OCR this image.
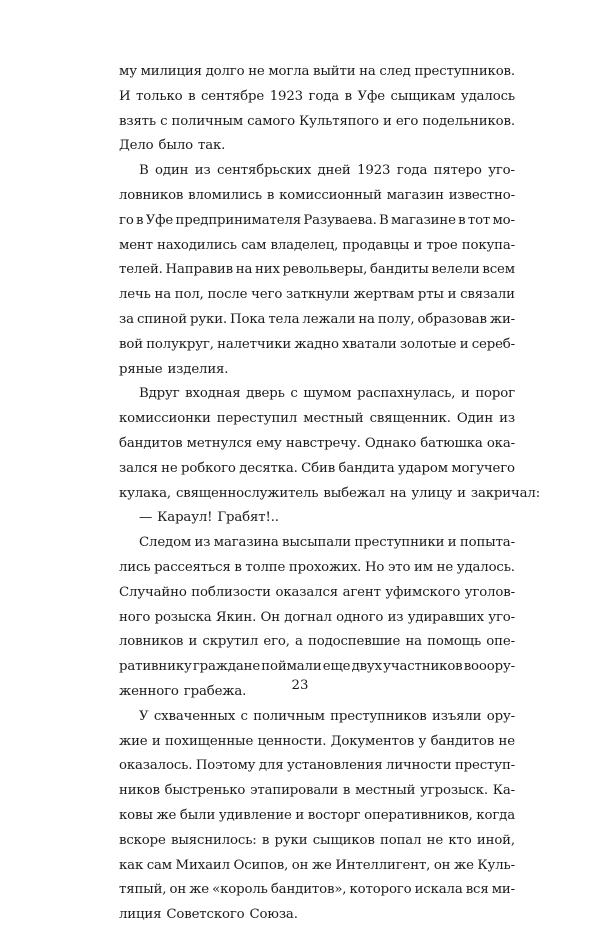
му милиция долго не могла выйти на след преступников.
И только в сентябре 1923 года в Уфе сыщикам удалось
взять с поличным самого Культяпого и его подельников.
Дело было так.
В один из сентябрьских дней 1923 года пятеро уго-
ловников вломились в комиссионный магазин известно-
го в Уфе предпринимателя Разуваева. В магазине в тот мо-
мент находились сам владелец, продавцы и трое покупа-
телей. Направив на них револьверы, бандиты велели всем
лечь на пол, после чего заткнули жертвам рты и связали
за спиной руки. Пока тела лежали на полу, образовав жи-
вой полукруг, налетчики жадно хватали золотые и сереб-
ряные изделия.
Вдруг входная дверь с шумом распахнулась, и порог
комиссионки переступил местный священник. Один из
бандитов метнулся ему навстречу. Однако батюшка ока-
зался не робкого десятка. Сбив бандита ударом могучего
кулака, священнослужитель выбежал на улицу и закричал:
— Караул! Грабят!..
Следом из магазина высыпали преступники и попыта-
лись рассеяться в толпе прохожих. Но это им не удалось.
Случайно поблизости оказался агент уфимского уголов-
ного розыска Якин. Он догнал одного из удиравших уго-
ловников и скрутил его, а подоспевшие на помощь опе-
ративнику граждане поймали еще двух участников вооору-
женного грабежа.
У схваченных с поличным преступников изъяли ору-
жие и похищенные ценности. Документов у бандитов не
оказалось. Поэтому для установления личности преступ-
ников быстренько этапировали в местный угрозыск. Ка-
ковы же были удивление и восторг оперативников, когда
вскоре выяснилось: в руки сыщиков попал не кто иной,
как сам Михаил Осипов, он же Интеллигент, он же Куль-
тяпый, он же «король бандитов», которого искала вся ми-
лиция Советского Союза.
23
